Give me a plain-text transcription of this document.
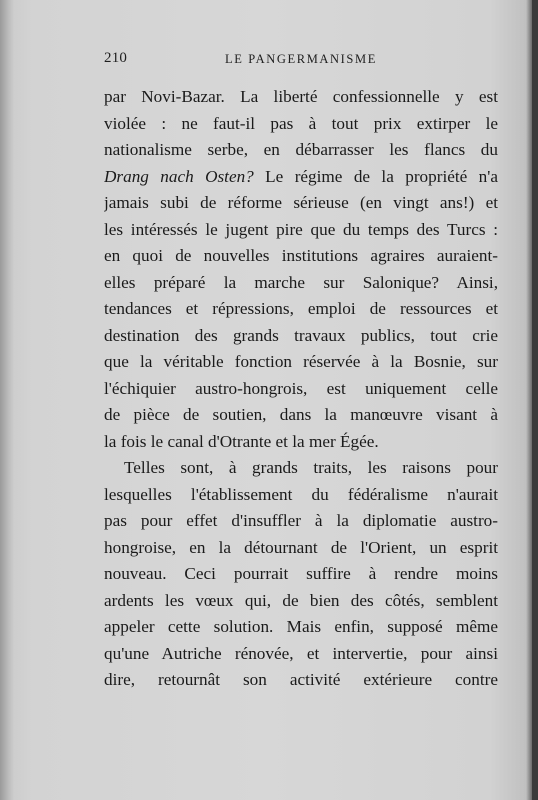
210	LE PANGERMANISME
par Novi-Bazar. La liberté confessionnelle y est
violée : ne faut-il pas à tout prix extirper le
nationalisme serbe, en débarrasser les flancs du
Drang nach Osten? Le régime de la propriété n'a
jamais subi de réforme sérieuse (en vingt ans!) et
les intéressés le jugent pire que du temps des Turcs :
en quoi de nouvelles institutions agraires auraient-
elles préparé la marche sur Salonique? Ainsi,
tendances et répressions, emploi de ressources et
destination des grands travaux publics, tout crie
que la véritable fonction réservée à la Bosnie, sur
l'échiquier austro-hongrois, est uniquement celle
de pièce de soutien, dans la manœuvre visant à
la fois le canal d'Otrante et la mer Égée.
Telles sont, à grands traits, les raisons pour
lesquelles l'établissement du fédéralisme n'aurait
pas pour effet d'insuffler à la diplomatie austro-
hongroise, en la détournant de l'Orient, un esprit
nouveau. Ceci pourrait suffire à rendre moins
ardents les vœux qui, de bien des côtés, semblent
appeler cette solution. Mais enfin, supposé même
qu'une Autriche rénovée, et intervertie, pour ainsi
dire, retournât son activité extérieure contre
